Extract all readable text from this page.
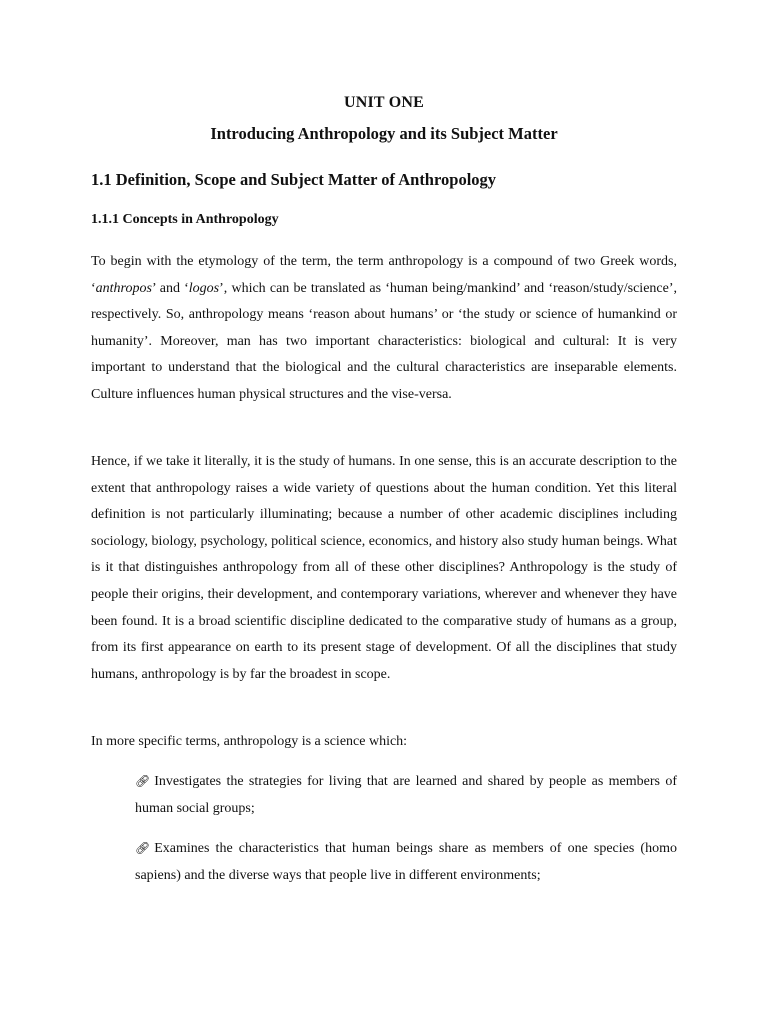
UNIT ONE
Introducing Anthropology and its Subject Matter
1.1 Definition, Scope and Subject Matter of Anthropology
1.1.1 Concepts in Anthropology

To begin with the etymology of the term, the term anthropology is a compound of two Greek words, ‘anthropos’ and ‘logos’, which can be translated as ‘human being/mankind’ and ‘reason/study/science’, respectively. So, anthropology means ‘reason about humans’ or ‘the study or science of humankind or humanity’. Moreover, man has two important characteristics: biological and cultural: It is very important to understand that the biological and the cultural characteristics are inseparable elements. Culture influences human physical structures and the vise-versa.

Hence, if we take it literally, it is the study of humans. In one sense, this is an accurate description to the extent that anthropology raises a wide variety of questions about the human condition. Yet this literal definition is not particularly illuminating; because a number of other academic disciplines including sociology, biology, psychology, political science, economics, and history also study human beings. What is it that distinguishes anthropology from all of these other disciplines? Anthropology is the study of people their origins, their development, and contemporary variations, wherever and whenever they have been found. It is a broad scientific discipline dedicated to the comparative study of humans as a group, from its first appearance on earth to its present stage of development. Of all the disciplines that study humans, anthropology is by far the broadest in scope.

In more specific terms, anthropology is a science which:

🔗︎ Investigates the strategies for living that are learned and shared by people as members of human social groups;

🔗︎ Examines the characteristics that human beings share as members of one species (homo sapiens) and the diverse ways that people live in different environments;
